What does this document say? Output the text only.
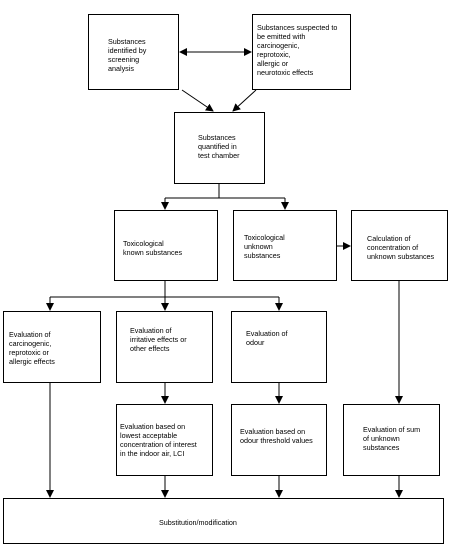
Substances
identified by
screening
analysis
Substances suspected to
be emitted with
carcinogenic,
reprotoxic,
allergic or
neurotoxic effects
Substances
quantified in
test chamber
Toxicological
known substances
Toxicological
unknown
substances
Calculation of
concentration of
unknown substances
Evaluation of
carcinogenic,
reprotoxic or
allergic effects
Evaluation of
irritative effects or
other effects
Evaluation of
odour
Evaluation based on
lowest acceptable
concentration of interest
in the indoor air, LCI
Evaluation based on
odour threshold values
Evaluation of sum
of unknown
substances
Substitution/modification
